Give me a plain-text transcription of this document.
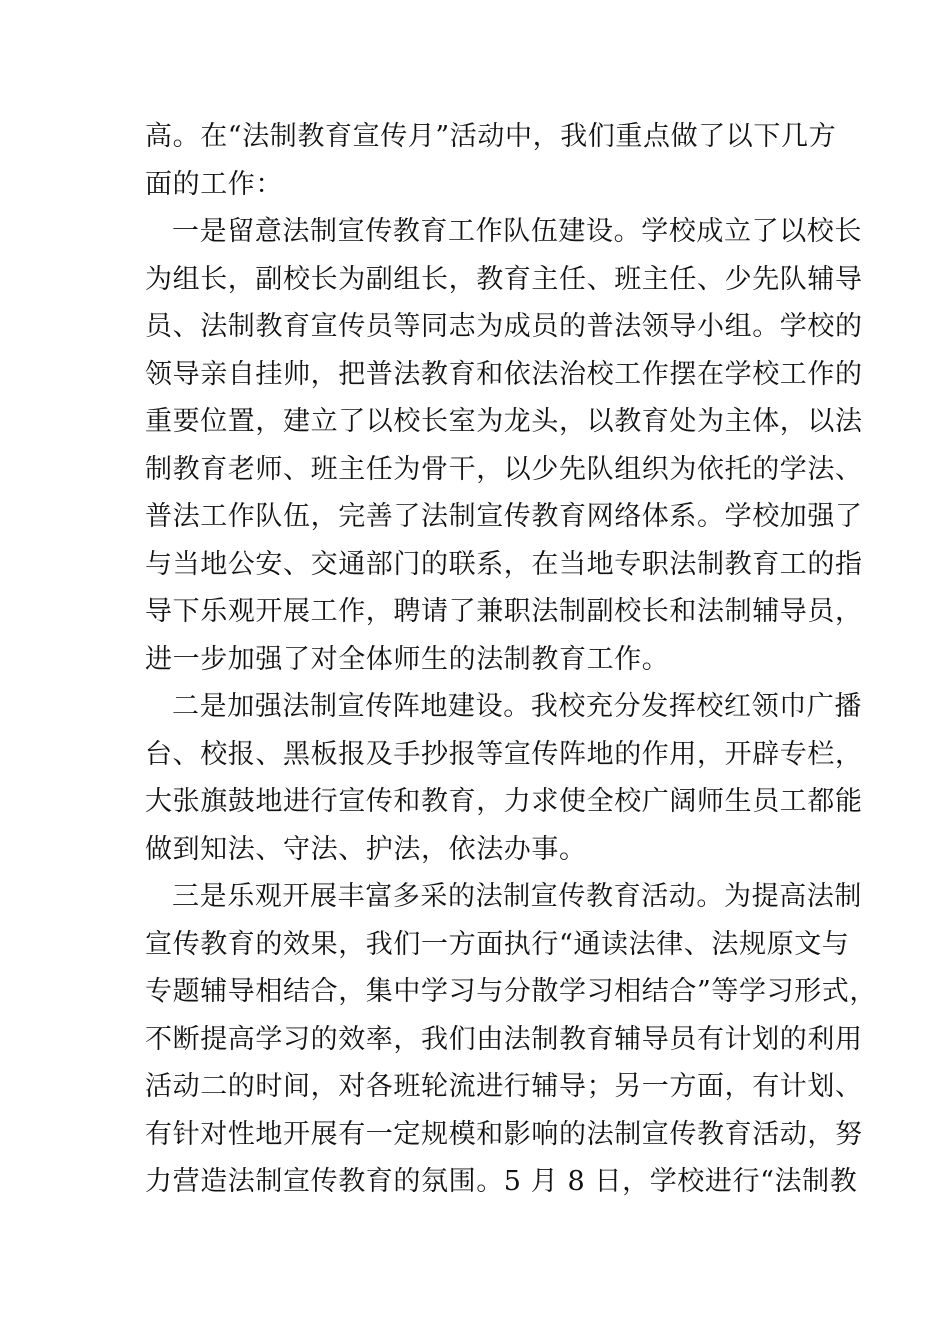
高。在“法制教育宣传月”活动中，我们重点做了以下几方
面的工作：
一是留意法制宣传教育工作队伍建设。学校成立了以校长
为组长，副校长为副组长，教育主任、班主任、少先队辅导
员、法制教育宣传员等同志为成员的普法领导小组。学校的
领导亲自挂帅，把普法教育和依法治校工作摆在学校工作的
重要位置，建立了以校长室为龙头，以教育处为主体，以法
制教育老师、班主任为骨干，以少先队组织为依托的学法、
普法工作队伍，完善了法制宣传教育网络体系。学校加强了
与当地公安、交通部门的联系，在当地专职法制教育工的指
导下乐观开展工作，聘请了兼职法制副校长和法制辅导员，
进一步加强了对全体师生的法制教育工作。
二是加强法制宣传阵地建设。我校充分发挥校红领巾广播
台、校报、黑板报及手抄报等宣传阵地的作用，开辟专栏，
大张旗鼓地进行宣传和教育，力求使全校广阔师生员工都能
做到知法、守法、护法，依法办事。
三是乐观开展丰富多采的法制宣传教育活动。为提高法制
宣传教育的效果，我们一方面执行“通读法律、法规原文与
专题辅导相结合，集中学习与分散学习相结合”等学习形式，
不断提高学习的效率，我们由法制教育辅导员有计划的利用
活动二的时间，对各班轮流进行辅导；另一方面，有计划、
有针对性地开展有一定规模和影响的法制宣传教育活动，努
力营造法制宣传教育的氛围。5 月 8 日，学校进行“法制教
